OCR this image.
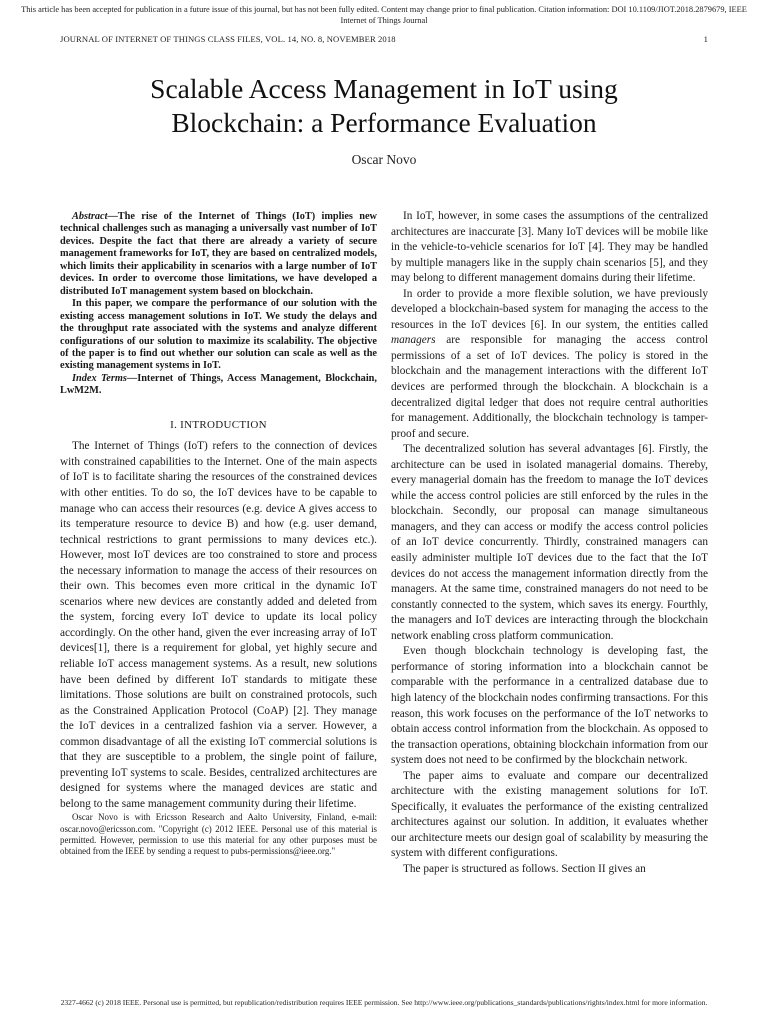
This article has been accepted for publication in a future issue of this journal, but has not been fully edited. Content may change prior to final publication. Citation information: DOI 10.1109/JIOT.2018.2879679, IEEE Internet of Things Journal
JOURNAL OF INTERNET OF THINGS CLASS FILES, VOL. 14, NO. 8, NOVEMBER 2018	1
Scalable Access Management in IoT using
Blockchain: a Performance Evaluation
Oscar Novo

Abstract—The rise of the Internet of Things (IoT) implies new technical challenges such as managing a universally vast number of IoT devices. Despite the fact that there are already a variety of secure management frameworks for IoT, they are based on centralized models, which limits their applicability in scenarios with a large number of IoT devices. In order to overcome those limitations, we have developed a distributed IoT management system based on blockchain.

In this paper, we compare the performance of our solution with the existing access management solutions in IoT. We study the delays and the throughput rate associated with the systems and analyze different configurations of our solution to maximize its scalability. The objective of the paper is to find out whether our solution can scale as well as the existing management systems in IoT.

Index Terms—Internet of Things, Access Management, Blockchain, LwM2M.

I. INTRODUCTION

The Internet of Things (IoT) refers to the connection of devices with constrained capabilities to the Internet. One of the main aspects of IoT is to facilitate sharing the resources of the constrained devices with other entities. To do so, the IoT devices have to be capable to manage who can access their resources (e.g. device A gives access to its temperature resource to device B) and how (e.g. user demand, technical restrictions to grant permissions to many devices etc.). However, most IoT devices are too constrained to store and process the necessary information to manage the access of their resources on their own. This becomes even more critical in the dynamic IoT scenarios where new devices are constantly added and deleted from the system, forcing every IoT device to update its local policy accordingly. On the other hand, given the ever increasing array of IoT devices[1], there is a requirement for global, yet highly secure and reliable IoT access management systems. As a result, new solutions have been defined by different IoT standards to mitigate these limitations. Those solutions are built on constrained protocols, such as the Constrained Application Protocol (CoAP) [2]. They manage the IoT devices in a centralized fashion via a server. However, a common disadvantage of all the existing IoT commercial solutions is that they are susceptible to a problem, the single point of failure, preventing IoT systems to scale. Besides, centralized architectures are designed for systems where the managed devices are static and belong to the same management community during their lifetime.

Oscar Novo is with Ericsson Research and Aalto University, Finland, e-mail: oscar.novo@ericsson.com. "Copyright (c) 2012 IEEE. Personal use of this material is permitted. However, permission to use this material for any other purposes must be obtained from the IEEE by sending a request to pubs-permissions@ieee.org."

In IoT, however, in some cases the assumptions of the centralized architectures are inaccurate [3]. Many IoT devices will be mobile like in the vehicle-to-vehicle scenarios for IoT [4]. They may be handled by multiple managers like in the supply chain scenarios [5], and they may belong to different management domains during their lifetime.

In order to provide a more flexible solution, we have previously developed a blockchain-based system for managing the access to the resources in the IoT devices [6]. In our system, the entities called managers are responsible for managing the access control permissions of a set of IoT devices. The policy is stored in the blockchain and the management interactions with the different IoT devices are performed through the blockchain. A blockchain is a decentralized digital ledger that does not require central authorities for management. Additionally, the blockchain technology is tamper-proof and secure.

The decentralized solution has several advantages [6]. Firstly, the architecture can be used in isolated managerial domains. Thereby, every managerial domain has the freedom to manage the IoT devices while the access control policies are still enforced by the rules in the blockchain. Secondly, our proposal can manage simultaneous managers, and they can access or modify the access control policies of an IoT device concurrently. Thirdly, constrained managers can easily administer multiple IoT devices due to the fact that the IoT devices do not access the management information directly from the managers. At the same time, constrained managers do not need to be constantly connected to the system, which saves its energy. Fourthly, the managers and IoT devices are interacting through the blockchain network enabling cross platform communication.

Even though blockchain technology is developing fast, the performance of storing information into a blockchain cannot be comparable with the performance in a centralized database due to high latency of the blockchain nodes confirming transactions. For this reason, this work focuses on the performance of the IoT networks to obtain access control information from the blockchain. As opposed to the transaction operations, obtaining blockchain information from our system does not need to be confirmed by the blockchain network.

The paper aims to evaluate and compare our decentralized architecture with the existing management solutions for IoT. Specifically, it evaluates the performance of the existing centralized architectures against our solution. In addition, it evaluates whether our architecture meets our design goal of scalability by measuring the system with different configurations.

The paper is structured as follows. Section II gives an

2327-4662 (c) 2018 IEEE. Personal use is permitted, but republication/redistribution requires IEEE permission. See http://www.ieee.org/publications_standards/publications/rights/index.html for more information.
